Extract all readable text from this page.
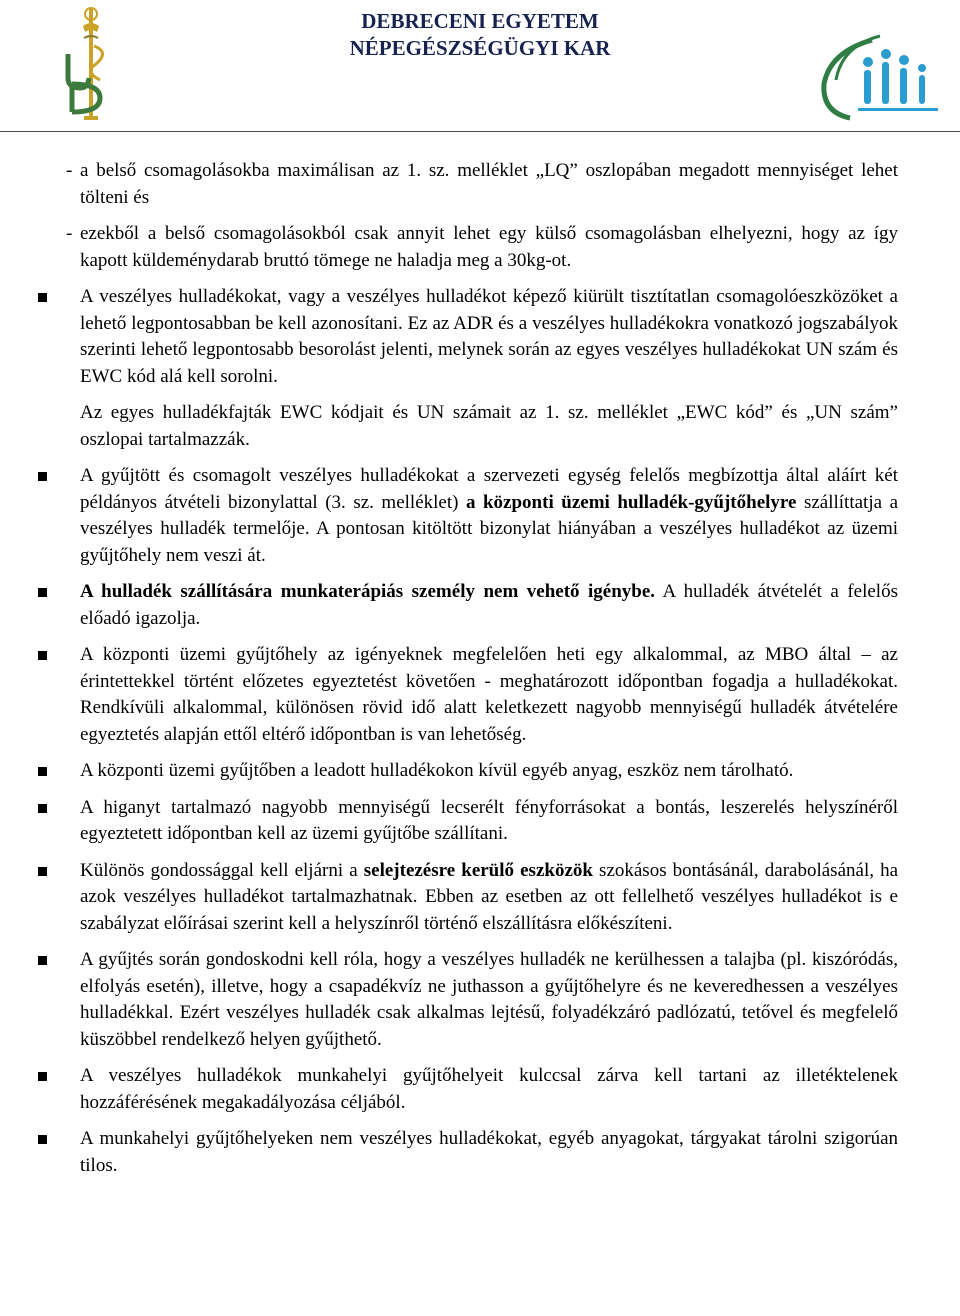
DEBRECENI EGYETEM
NÉPEGÉSZSÉGÜGYI KAR
- a belső csomagolásokba maximálisan az 1. sz. melléklet „LQ” oszlopában megadott mennyiséget lehet tölteni és

- ezekből a belső csomagolásokból csak annyit lehet egy külső csomagolásban elhelyezni, hogy az így kapott küldeménydarab bruttó tömege ne haladja meg a 30kg-ot.

A veszélyes hulladékokat, vagy a veszélyes hulladékot képező kiürült tisztítatlan csomagolóeszközöket a lehető legpontosabban be kell azonosítani. Ez az ADR és a veszélyes hulladékokra vonatkozó jogszabályok szerinti lehető legpontosabb besorolást jelenti, melynek során az egyes veszélyes hulladékokat UN szám és EWC kód alá kell sorolni.

Az egyes hulladékfajták EWC kódjait és UN számait az 1. sz. melléklet „EWC kód” és „UN szám” oszlopai tartalmazzák.

A gyűjtött és csomagolt veszélyes hulladékokat a szervezeti egység felelős megbízottja által aláírt két példányos átvételi bizonylattal (3. sz. melléklet) a központi üzemi hulladék-gyűjtőhelyre szállíttatja a veszélyes hulladék termelője. A pontosan kitöltött bizonylat hiányában a veszélyes hulladékot az üzemi gyűjtőhely nem veszi át.

A hulladék szállítására munkaterápiás személy nem vehető igénybe. A hulladék átvételét a felelős előadó igazolja.

A központi üzemi gyűjtőhely az igényeknek megfelelően heti egy alkalommal, az MBO által – az érintettekkel történt előzetes egyeztetést követően - meghatározott időpontban fogadja a hulladékokat. Rendkívüli alkalommal, különösen rövid idő alatt keletkezett nagyobb mennyiségű hulladék átvételére egyeztetés alapján ettől eltérő időpontban is van lehetőség.

A központi üzemi gyűjtőben a leadott hulladékokon kívül egyéb anyag, eszköz nem tárolható.

A higanyt tartalmazó nagyobb mennyiségű lecserélt fényforrásokat a bontás, leszerelés helyszínéről egyeztetett időpontban kell az üzemi gyűjtőbe szállítani.

Különös gondossággal kell eljárni a selejtezésre kerülő eszközök szokásos bontásánál, darabolásánál, ha azok veszélyes hulladékot tartalmazhatnak. Ebben az esetben az ott fellelhető veszélyes hulladékot is e szabályzat előírásai szerint kell a helyszínről történő elszállításra előkészíteni.

A gyűjtés során gondoskodni kell róla, hogy a veszélyes hulladék ne kerülhessen a talajba (pl. kiszóródás, elfolyás esetén), illetve, hogy a csapadékvíz ne juthasson a gyűjtőhelyre és ne keveredhessen a veszélyes hulladékkal. Ezért veszélyes hulladék csak alkalmas lejtésű, folyadékzáró padlózatú, tetővel és megfelelő küszöbbel rendelkező helyen gyűjthető.

A veszélyes hulladékok munkahelyi gyűjtőhelyeit kulccsal zárva kell tartani az illetéktelenek hozzáférésének megakadályozása céljából.

A munkahelyi gyűjtőhelyeken nem veszélyes hulladékokat, egyéb anyagokat, tárgyakat tárolni szigorúan tilos.
